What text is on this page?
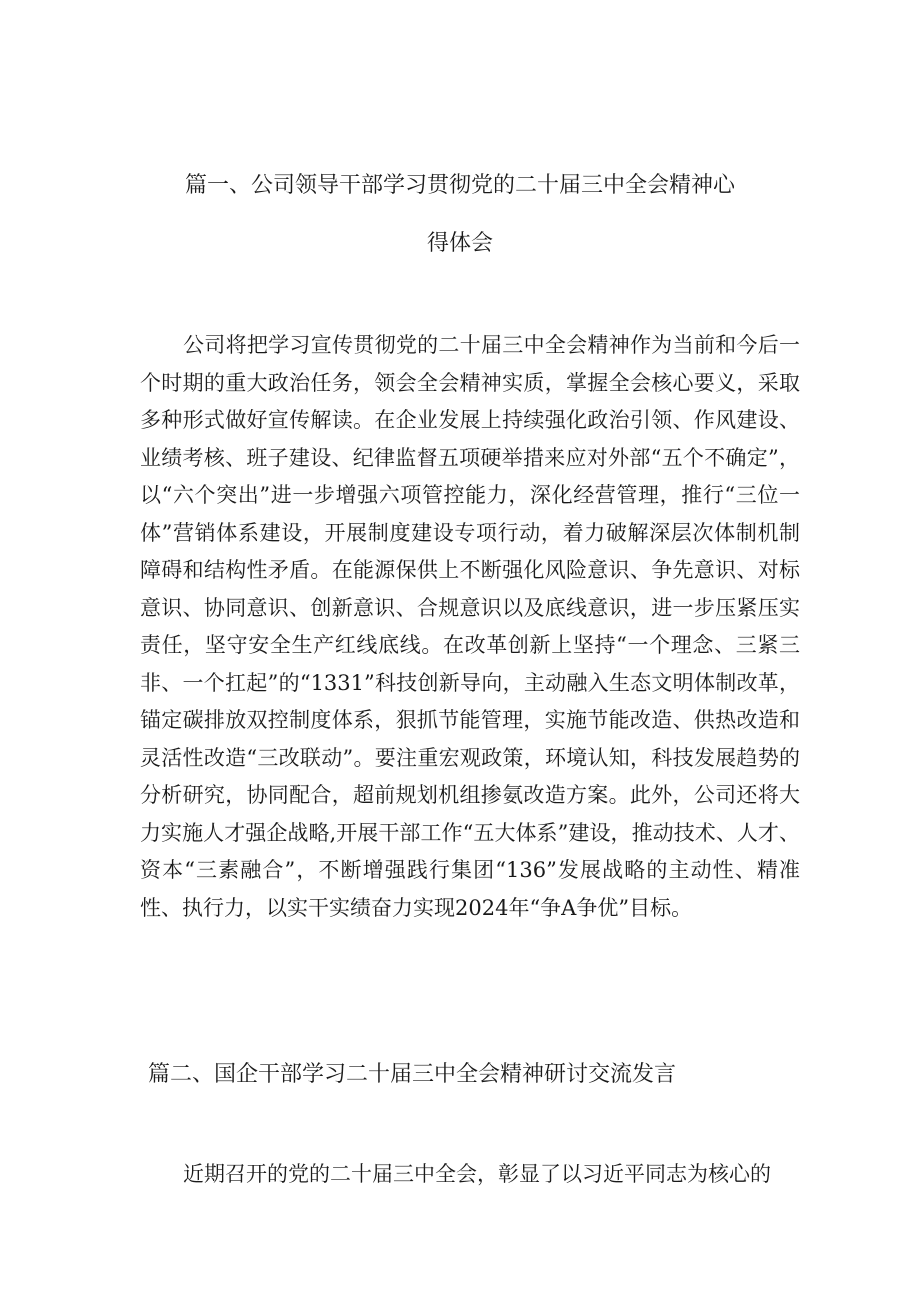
篇一、公司领导干部学习贯彻党的二十届三中全会精神心
得体会

公司将把学习宣传贯彻党的二十届三中全会精神作为当前和今后一个时期的重大政治任务，领会全会精神实质，掌握全会核心要义，采取多种形式做好宣传解读。在企业发展上持续强化政治引领、作风建设、业绩考核、班子建设、纪律监督五项硬举措来应对外部“五个不确定”，以“六个突出”进一步增强六项管控能力，深化经营管理，推行“三位一体”营销体系建设，开展制度建设专项行动，着力破解深层次体制机制障碍和结构性矛盾。在能源保供上不断强化风险意识、争先意识、对标意识、协同意识、创新意识、合规意识以及底线意识，进一步压紧压实责任，坚守安全生产红线底线。在改革创新上坚持“一个理念、三紧三非、一个扛起”的“1331”科技创新导向，主动融入生态文明体制改革，锚定碳排放双控制度体系，狠抓节能管理，实施节能改造、供热改造和灵活性改造“三改联动”。要注重宏观政策，环境认知，科技发展趋势的分析研究，协同配合，超前规划机组掺氨改造方案。此外，公司还将大力实施人才强企战略,开展干部工作“五大体系”建设，推动技术、人才、资本“三素融合”，不断增强践行集团“136”发展战略的主动性、精准性、执行力，以实干实绩奋力实现2024年“争A争优”目标。

篇二、国企干部学习二十届三中全会精神研讨交流发言

近期召开的党的二十届三中全会，彰显了以习近平同志为核心的
